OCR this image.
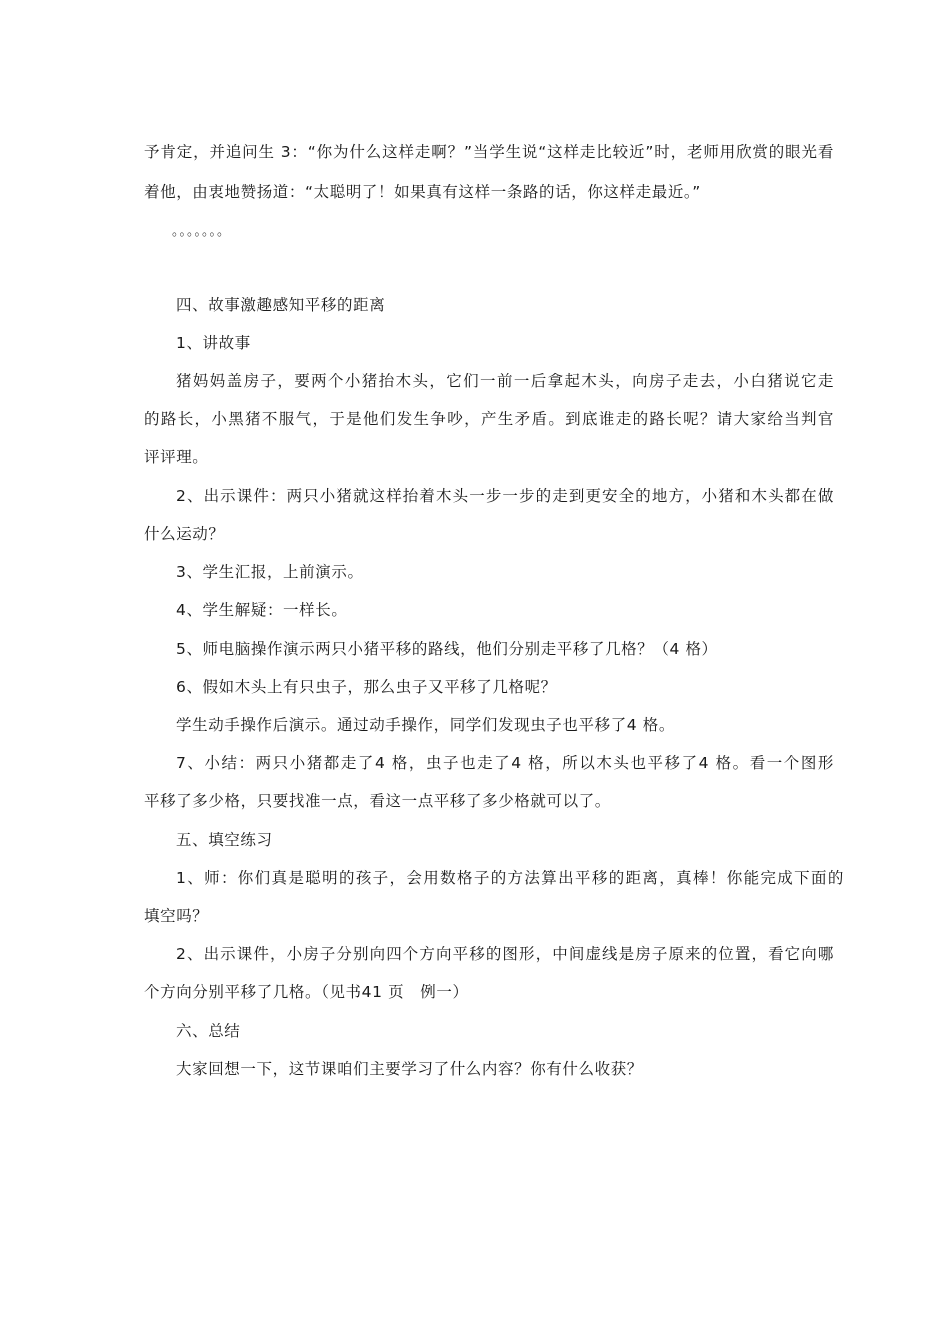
予肯定，并追问生 3：“你为什么这样走啊？”当学生说“这样走比较近”时，老师用欣赏的眼光看
着他，由衷地赞扬道：“太聪明了！如果真有这样一条路的话，你这样走最近。”
。。。。。。。
四、故事激趣感知平移的距离
1、讲故事
猪妈妈盖房子，要两个小猪抬木头，它们一前一后拿起木头，向房子走去，小白猪说它走
的路长，小黑猪不服气，于是他们发生争吵，产生矛盾。到底谁走的路长呢？请大家给当判官
评评理。
2、出示课件：两只小猪就这样抬着木头一步一步的走到更安全的地方，小猪和木头都在做
什么运动？
3、学生汇报，上前演示。
4、学生解疑：一样长。
5、师电脑操作演示两只小猪平移的路线，他们分别走平移了几格？（4 格）
6、假如木头上有只虫子，那么虫子又平移了几格呢？
学生动手操作后演示。通过动手操作，同学们发现虫子也平移了4 格。
7、小结：两只小猪都走了4 格，虫子也走了4 格，所以木头也平移了4 格。看一个图形
平移了多少格，只要找准一点，看这一点平移了多少格就可以了。
五、填空练习
1、师：你们真是聪明的孩子，会用数格子的方法算出平移的距离，真棒！你能完成下面的
填空吗？
2、出示课件，小房子分别向四个方向平移的图形，中间虚线是房子原来的位置，看它向哪
个方向分别平移了几格。（见书41 页　例一）
六、总结
大家回想一下，这节课咱们主要学习了什么内容？你有什么收获？
